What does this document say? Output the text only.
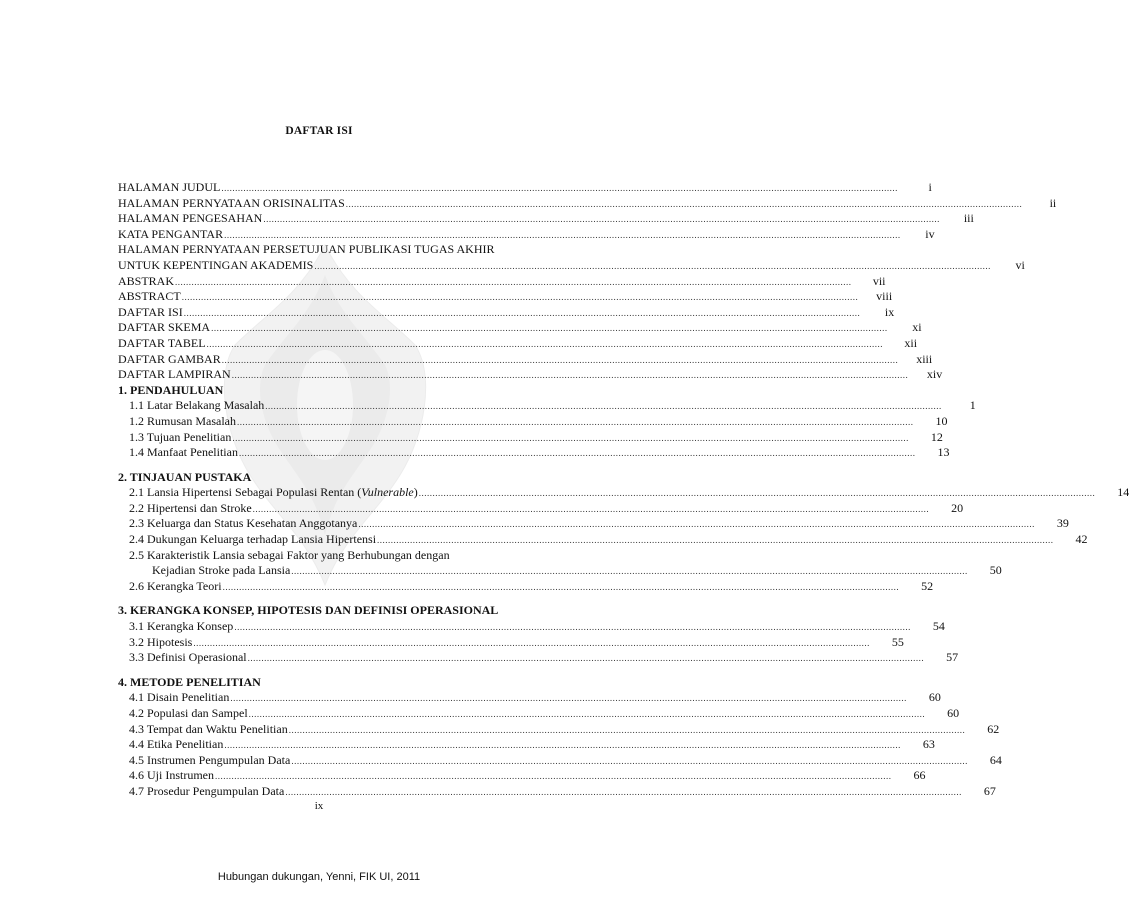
DAFTAR ISI
HALAMAN JUDUL .....	i
HALAMAN PERNYATAAN ORISINALITAS .....	ii
HALAMAN PENGESAHAN .....	iii
KATA PENGANTAR .....	iv
HALAMAN PERNYATAAN PERSETUJUAN PUBLIKASI TUGAS AKHIR
UNTUK KEPENTINGAN AKADEMIS .....	vi
ABSTRAK .....	vii
ABSTRACT .....	viii
DAFTAR ISI .....	ix
DAFTAR SKEMA .....	xi
DAFTAR TABEL .....	xii
DAFTAR GAMBAR .....	xiii
DAFTAR LAMPIRAN .....	xiv
1. PENDAHULUAN
1.1 Latar Belakang Masalah .....	1
1.2 Rumusan Masalah .....	10
1.3 Tujuan Penelitian .....	12
1.4 Manfaat Penelitian .....	13
2. TINJAUAN PUSTAKA
2.1 Lansia Hipertensi Sebagai Populasi Rentan (Vulnerable) .....	14
2.2 Hipertensi dan Stroke .....	20
2.3 Keluarga dan Status Kesehatan Anggotanya .....	39
2.4 Dukungan Keluarga terhadap Lansia Hipertensi .....	42
2.5 Karakteristik Lansia sebagai Faktor yang Berhubungan dengan
Kejadian Stroke pada Lansia .....	50
2.6 Kerangka Teori .....	52
3. KERANGKA KONSEP, HIPOTESIS DAN DEFINISI OPERASIONAL
3.1 Kerangka Konsep .....	54
3.2 Hipotesis .....	55
3.3 Definisi Operasional .....	57
4. METODE PENELITIAN
4.1 Disain Penelitian .....	60
4.2 Populasi dan Sampel .....	60
4.3 Tempat dan Waktu Penelitian .....	62
4.4 Etika Penelitian .....	63
4.5 Instrumen Pengumpulan Data .....	64
4.6 Uji Instrumen .....	66
4.7 Prosedur Pengumpulan Data .....	67
ix
Hubungan dukungan, Yenni, FIK UI, 2011
